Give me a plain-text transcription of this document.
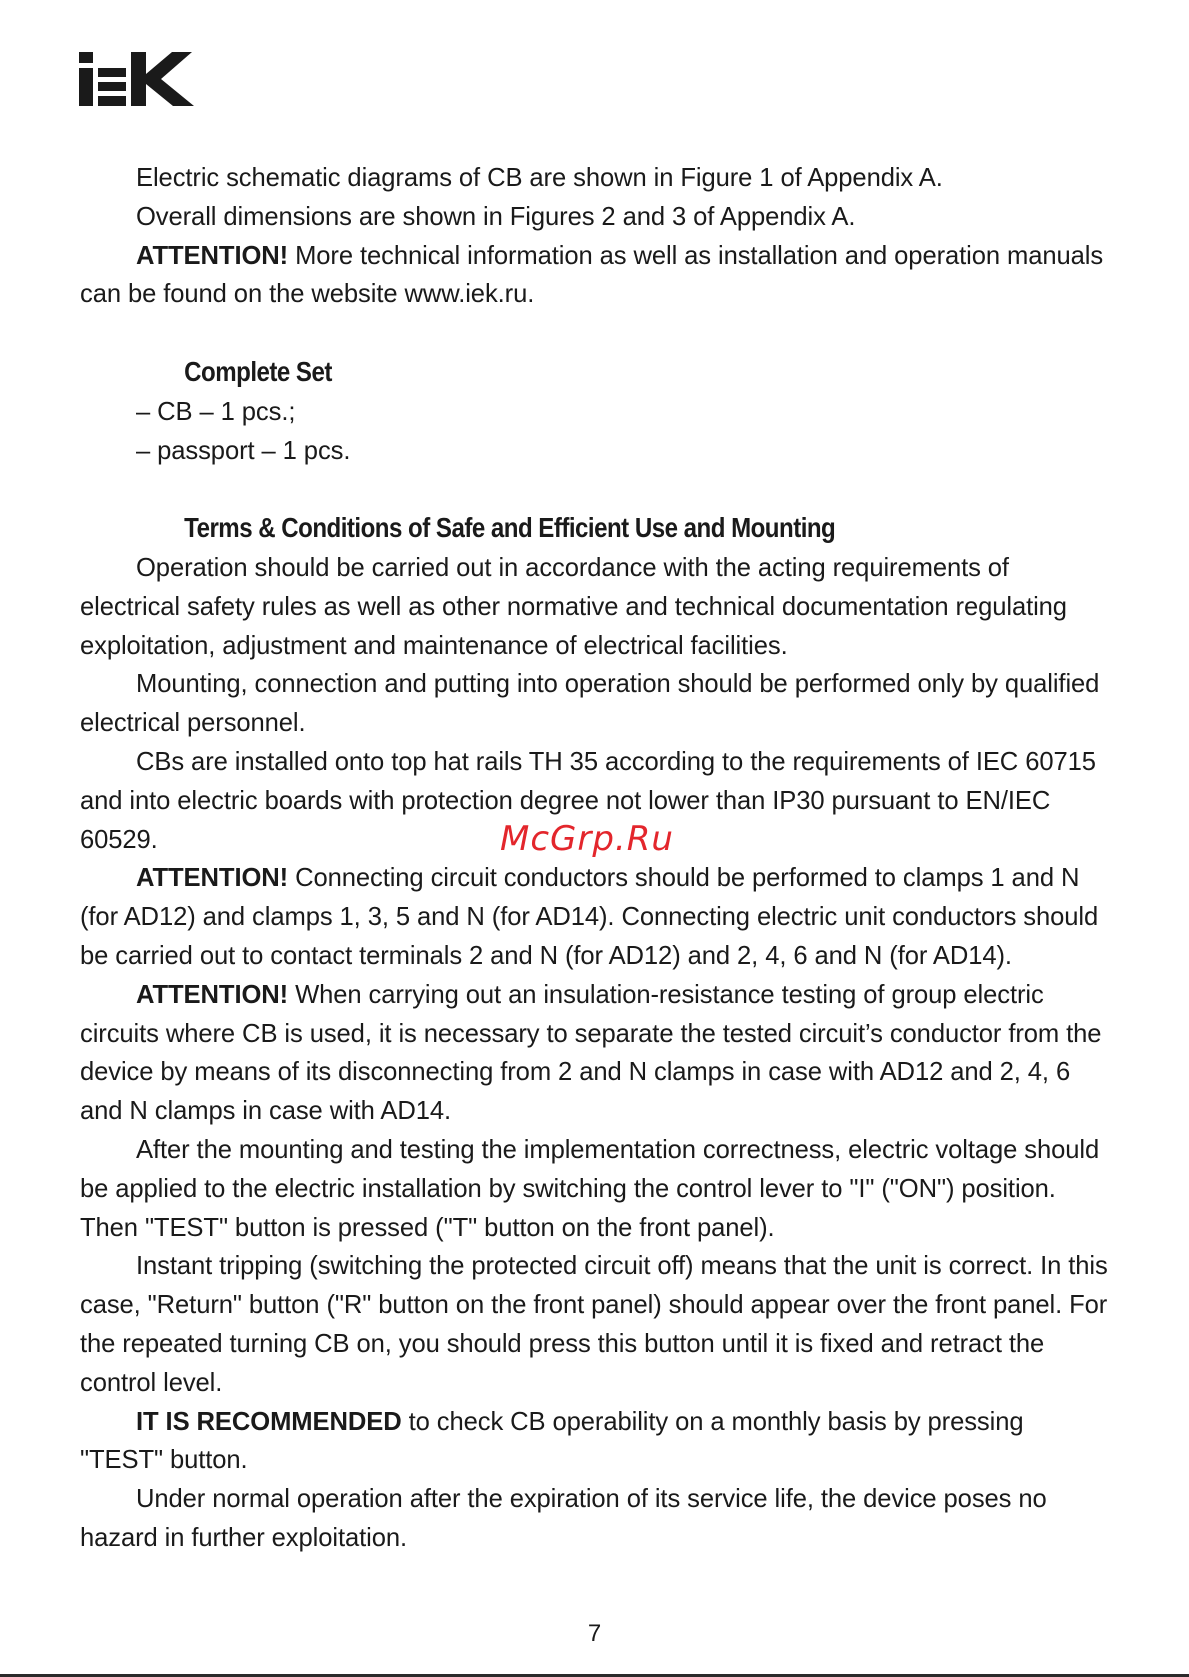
Electric schematic diagrams of CB are shown in Figure 1 of Appendix A.

Overall dimensions are shown in Figures 2 and 3 of Appendix A.

ATTENTION! More technical information as well as installation and operation manuals can be found on the website www.iek.ru.

Complete Set

– CB – 1 pcs.;

– passport – 1 pcs.

Terms & Conditions of Safe and Efficient Use and Mounting

Operation should be carried out in accordance with the acting requirements of electrical safety rules as well as other normative and technical documentation regulating exploitation, adjustment and maintenance of electrical facilities.

Mounting, connection and putting into operation should be performed only by qualified electrical personnel.

CBs are installed onto top hat rails TH 35 according to the requirements of IEC 60715 and into electric boards with protection degree not lower than IP30 pursuant to EN/IEC 60529.

ATTENTION! Connecting circuit conductors should be performed to clamps 1 and N (for AD12) and clamps 1, 3, 5 and N (for AD14). Connecting electric unit conductors should be carried out to contact terminals 2 and N (for AD12) and 2, 4, 6 and N (for AD14).

ATTENTION! When carrying out an insulation-resistance testing of group electric circuits where CB is used, it is necessary to separate the tested circuit’s conductor from the device by means of its disconnecting from 2 and N clamps in case with AD12 and 2, 4, 6 and N clamps in case with AD14.

After the mounting and testing the implementation correctness, electric voltage should be applied to the electric installation by switching the control lever to "I" ("ON") position. Then "TEST" button is pressed ("T" button on the front panel).

Instant tripping (switching the protected circuit off) means that the unit is correct. In this case, "Return" button ("R" button on the front panel) should appear over the front panel. For the repeated turning CB on, you should press this button until it is fixed and retract the control level.

IT IS RECOMMENDED to check CB operability on a monthly basis by pressing "TEST" button.

Under normal operation after the expiration of its service life, the device poses no hazard in further exploitation.

McGrp.Ru
7
